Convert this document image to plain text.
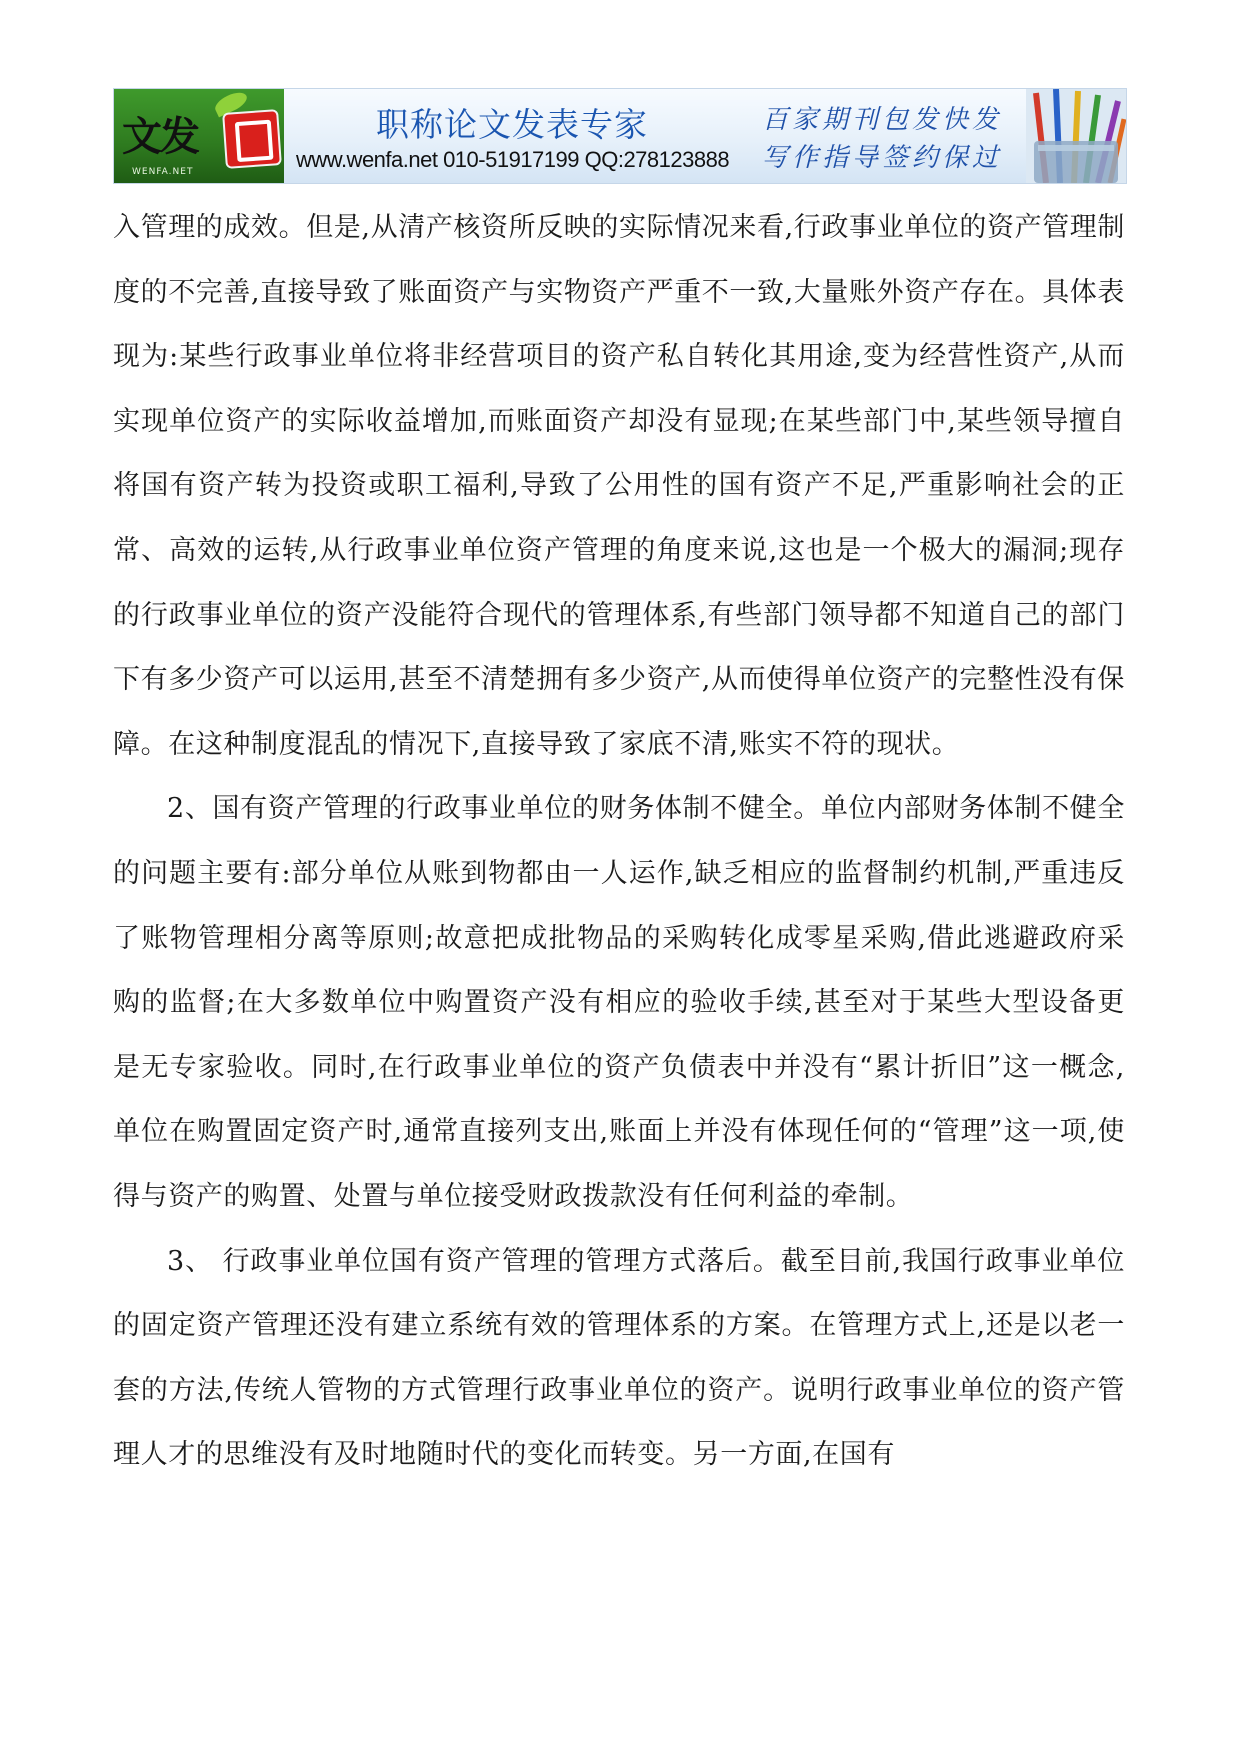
文发
WENFA.NET
职称论文发表专家
www.wenfa.net 010-51917199 QQ:278123888
百家期刊包发快发
写作指导签约保过

入管理的成效。但是,从清产核资所反映的实际情况来看,行政事业单位的资产管理制度的不完善,直接导致了账面资产与实物资产严重不一致,大量账外资产存在。具体表现为:某些行政事业单位将非经营项目的资产私自转化其用途,变为经营性资产,从而实现单位资产的实际收益增加,而账面资产却没有显现;在某些部门中,某些领导擅自将国有资产转为投资或职工福利,导致了公用性的国有资产不足,严重影响社会的正常、高效的运转,从行政事业单位资产管理的角度来说,这也是一个极大的漏洞;现存的行政事业单位的资产没能符合现代的管理体系,有些部门领导都不知道自己的部门下有多少资产可以运用,甚至不清楚拥有多少资产,从而使得单位资产的完整性没有保障。在这种制度混乱的情况下,直接导致了家底不清,账实不符的现状。

2、国有资产管理的行政事业单位的财务体制不健全。单位内部财务体制不健全的问题主要有:部分单位从账到物都由一人运作,缺乏相应的监督制约机制,严重违反了账物管理相分离等原则;故意把成批物品的采购转化成零星采购,借此逃避政府采购的监督;在大多数单位中购置资产没有相应的验收手续,甚至对于某些大型设备更是无专家验收。同时,在行政事业单位的资产负债表中并没有“累计折旧”这一概念,单位在购置固定资产时,通常直接列支出,账面上并没有体现任何的“管理”这一项,使得与资产的购置、处置与单位接受财政拨款没有任何利益的牵制。

3、 行政事业单位国有资产管理的管理方式落后。截至目前,我国行政事业单位的固定资产管理还没有建立系统有效的管理体系的方案。在管理方式上,还是以老一套的方法,传统人管物的方式管理行政事业单位的资产。说明行政事业单位的资产管理人才的思维没有及时地随时代的变化而转变。另一方面,在国有
